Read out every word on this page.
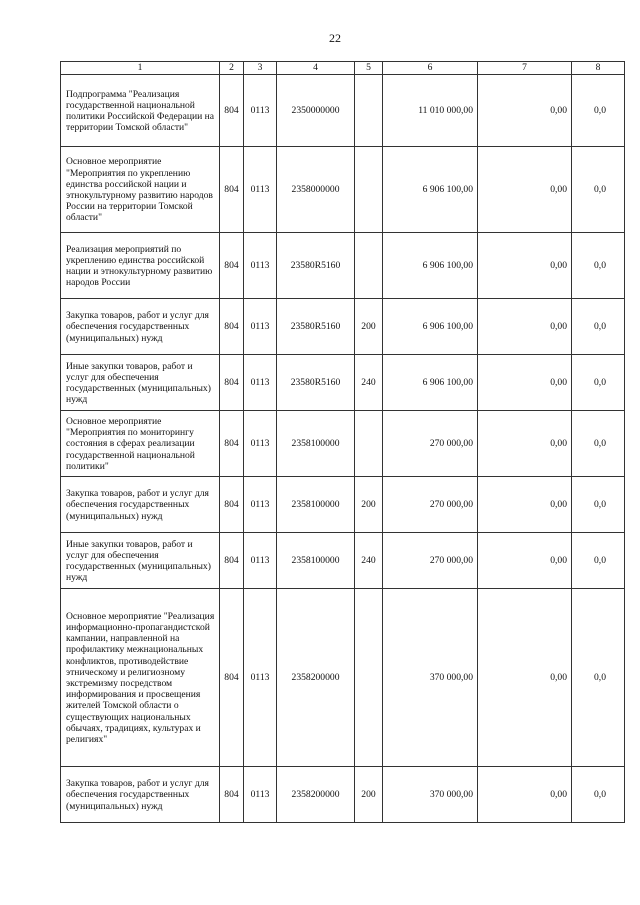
22
1	2	3	4	5	6	7	8
Подпрограмма "Реализация государственной национальной политики Российской Федерации на территории Томской области"	804	0113	2350000000		11 010 000,00	0,00	0,0
Основное мероприятие "Мероприятия по укреплению единства российской нации и этнокультурному развитию народов России на территории Томской области"	804	0113	2358000000		6 906 100,00	0,00	0,0
Реализация мероприятий по укреплению единства российской нации и этнокультурному развитию народов России	804	0113	23580R5160		6 906 100,00	0,00	0,0
Закупка товаров, работ и услуг для обеспечения государственных (муниципальных) нужд	804	0113	23580R5160	200	6 906 100,00	0,00	0,0
Иные закупки товаров, работ и услуг для обеспечения государственных (муниципальных) нужд	804	0113	23580R5160	240	6 906 100,00	0,00	0,0
Основное мероприятие "Мероприятия по мониторингу состояния в сферах реализации государственной национальной политики"	804	0113	2358100000		270 000,00	0,00	0,0
Закупка товаров, работ и услуг для обеспечения государственных (муниципальных) нужд	804	0113	2358100000	200	270 000,00	0,00	0,0
Иные закупки товаров, работ и услуг для обеспечения государственных (муниципальных) нужд	804	0113	2358100000	240	270 000,00	0,00	0,0
Основное мероприятие "Реализация информационно-пропагандистской кампании, направленной на профилактику межнациональных конфликтов, противодействие этническому и религиозному экстремизму посредством информирования и просвещения жителей Томской области о существующих национальных обычаях, традициях, культурах и религиях"	804	0113	2358200000		370 000,00	0,00	0,0
Закупка товаров, работ и услуг для обеспечения государственных (муниципальных) нужд	804	0113	2358200000	200	370 000,00	0,00	0,0
